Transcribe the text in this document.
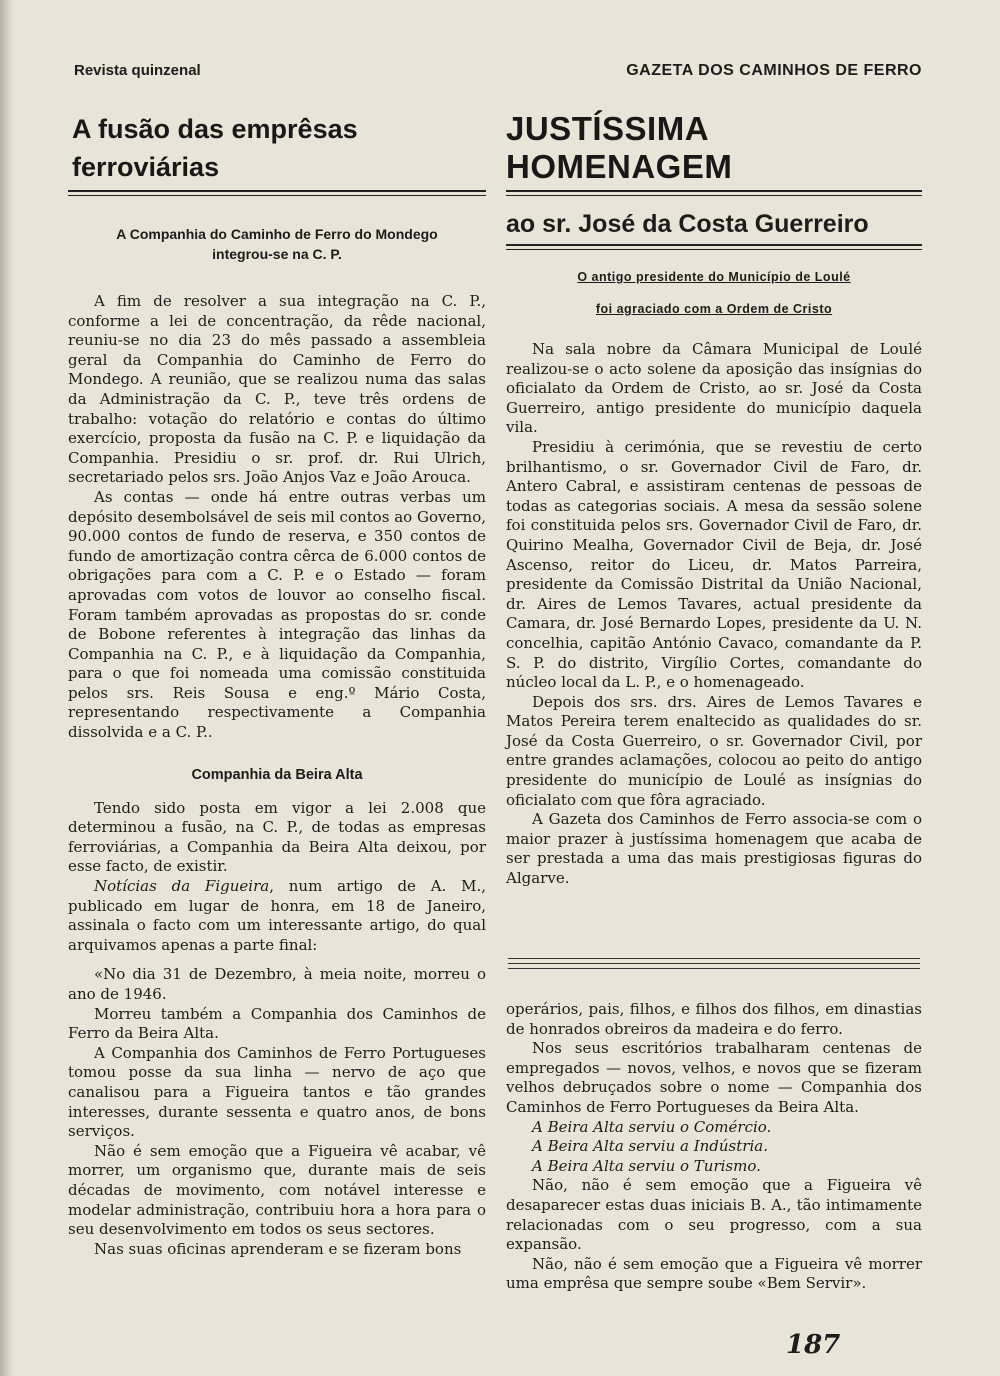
Revista quinzenal	GAZETA DOS CAMINHOS DE FERRO
A fusão das emprêsas ferroviárias

A Companhia do Caminho de Ferro do Mondego integrou-se na C. P.

A fim de resolver a sua integração na C. P., conforme a lei de concentração, da rêde nacional, reuniu-se no dia 23 do mês passado a assembleia geral da Companhia do Caminho de Ferro do Mondego. A reunião, que se realizou numa das salas da Administração da C. P., teve três ordens de trabalho: votação do relatório e contas do último exercício, proposta da fusão na C. P. e liquidação da Companhia. Presidiu o sr. prof. dr. Rui Ulrich, secretariado pelos srs. João Anjos Vaz e João Arouca.

As contas — onde há entre outras verbas um depósito desembolsável de seis mil contos ao Governo, 90.000 contos de fundo de reserva, e 350 contos de fundo de amortização contra cêrca de 6.000 contos de obrigações para com a C. P. e o Estado — foram aprovadas com votos de louvor ao conselho fiscal. Foram também aprovadas as propostas do sr. conde de Bobone referentes à integração das linhas da Companhia na C. P., e à liquidação da Companhia, para o que foi nomeada uma comissão constituida pelos srs. Reis Sousa e eng.º Mário Costa, representando respectivamente a Companhia dissolvida e a C. P..

Companhia da Beira Alta

Tendo sido posta em vigor a lei 2.008 que determinou a fusão, na C. P., de todas as empresas ferroviárias, a Companhia da Beira Alta deixou, por esse facto, de existir.

Notícias da Figueira, num artigo de A. M., publicado em lugar de honra, em 18 de Janeiro, assinala o facto com um interessante artigo, do qual arquivamos apenas a parte final:

«No dia 31 de Dezembro, à meia noite, morreu o ano de 1946.

Morreu também a Companhia dos Caminhos de Ferro da Beira Alta.

A Companhia dos Caminhos de Ferro Portugueses tomou posse da sua linha — nervo de aço que canalisou para a Figueira tantos e tão grandes interesses, durante sessenta e quatro anos, de bons serviços.

Não é sem emoção que a Figueira vê acabar, vê morrer, um organismo que, durante mais de seis décadas de movimento, com notável interesse e modelar administração, contribuiu hora a hora para o seu desenvolvimento em todos os seus sectores.

Nas suas oficinas aprenderam e se fizeram bons

JUSTÍSSIMA HOMENAGEM
ao sr. José da Costa Guerreiro

O antigo presidente do Município de Loulé

foi agraciado com a Ordem de Cristo

Na sala nobre da Câmara Municipal de Loulé realizou-se o acto solene da aposição das insígnias do oficialato da Ordem de Cristo, ao sr. José da Costa Guerreiro, antigo presidente do município daquela vila.

Presidiu à cerimónia, que se revestiu de certo brilhantismo, o sr. Governador Civil de Faro, dr. Antero Cabral, e assistiram centenas de pessoas de todas as categorias sociais. A mesa da sessão solene foi constituida pelos srs. Governador Civil de Faro, dr. Quirino Mealha, Governador Civil de Beja, dr. José Ascenso, reitor do Liceu, dr. Matos Parreira, presidente da Comissão Distrital da União Nacional, dr. Aires de Lemos Tavares, actual presidente da Camara, dr. José Bernardo Lopes, presidente da U. N. concelhia, capitão António Cavaco, comandante da P. S. P. do distrito, Virgílio Cortes, comandante do núcleo local da L. P., e o homenageado.

Depois dos srs. drs. Aires de Lemos Tavares e Matos Pereira terem enaltecido as qualidades do sr. José da Costa Guerreiro, o sr. Governador Civil, por entre grandes aclamações, colocou ao peito do antigo presidente do município de Loulé as insígnias do oficialato com que fôra agraciado.

A Gazeta dos Caminhos de Ferro associa-se com o maior prazer à justíssima homenagem que acaba de ser prestada a uma das mais prestigiosas figuras do Algarve.

operários, pais, filhos, e filhos dos filhos, em dinastias de honrados obreiros da madeira e do ferro.

Nos seus escritórios trabalharam centenas de empregados — novos, velhos, e novos que se fizeram velhos debruçados sobre o nome — Companhia dos Caminhos de Ferro Portugueses da Beira Alta.

A Beira Alta serviu o Comércio.

A Beira Alta serviu a Indústria.

A Beira Alta serviu o Turismo.

Não, não é sem emoção que a Figueira vê desaparecer estas duas iniciais B. A., tão intimamente relacionadas com o seu progresso, com a sua expansão.

Não, não é sem emoção que a Figueira vê morrer uma emprêsa que sempre soube «Bem Servir».

187
